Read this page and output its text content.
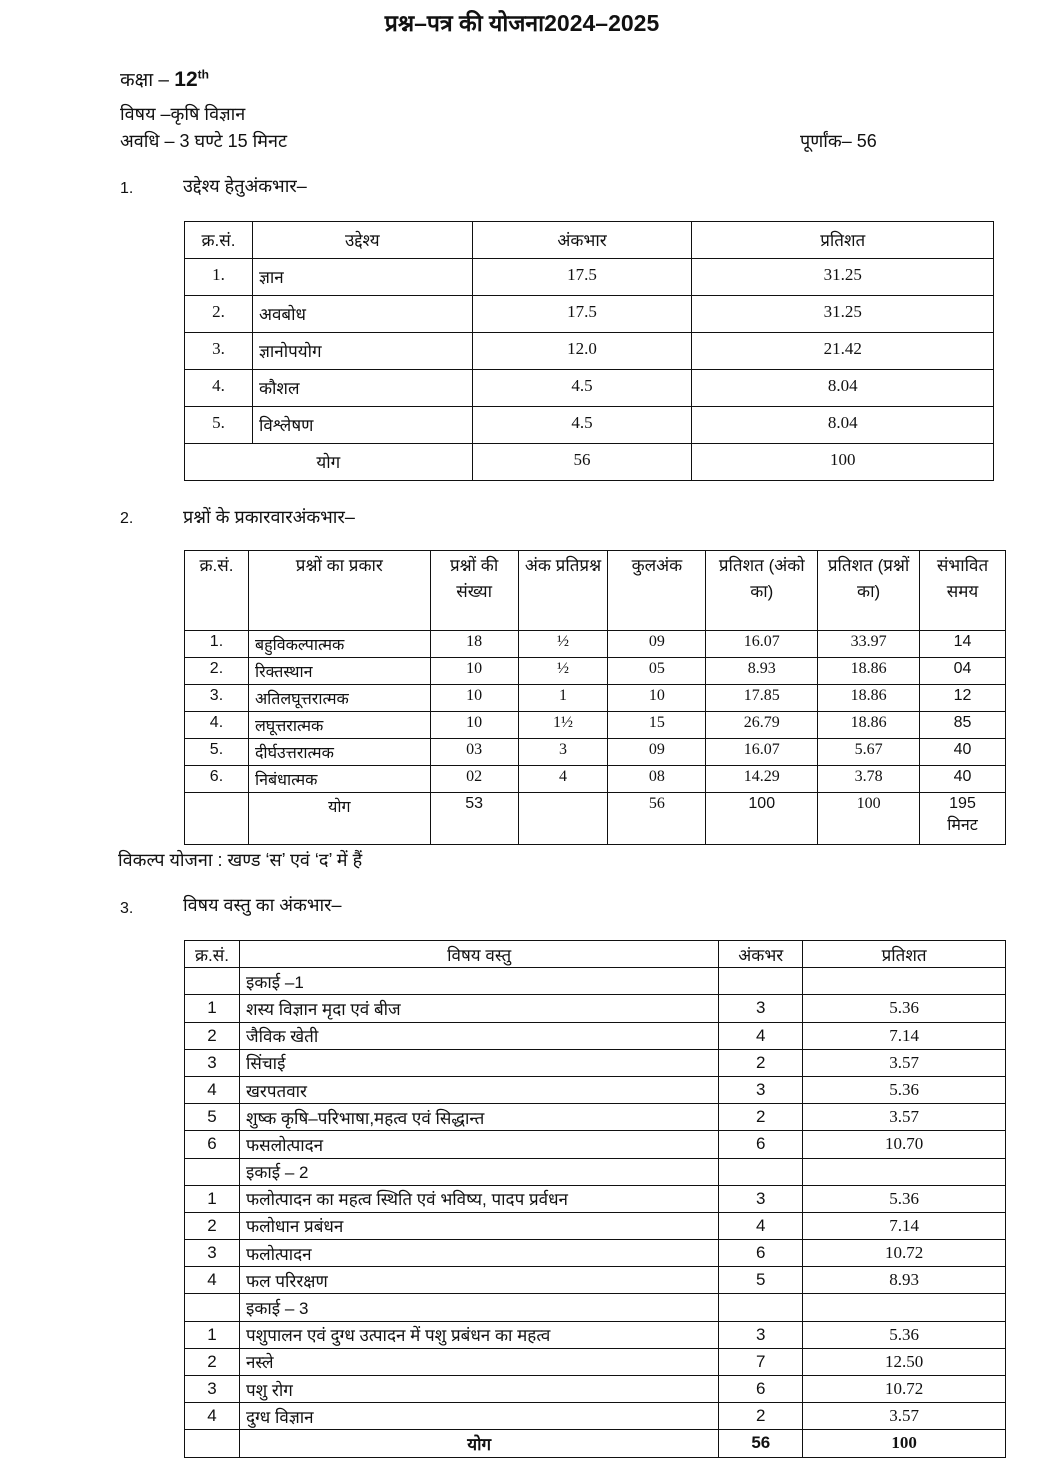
प्रश्न–पत्र की योजना2024–2025
कक्षा – 12th
विषय –कृषि विज्ञान
अवधि – 3 घण्टे 15 मिनट	पूर्णांक– 56
1.	उद्देश्य हेतुअंकभार–
क्र.सं.	उद्देश्य	अंकभार	प्रतिशत
1.	ज्ञान	17.5	31.25
2.	अवबोध	17.5	31.25
3.	ज्ञानोपयोग	12.0	21.42
4.	कौशल	4.5	8.04
5.	विश्लेषण	4.5	8.04
योग		56	100
2.	प्रश्नों के प्रकारवारअंकभार–
क्र.सं.	प्रश्नों का प्रकार	प्रश्नों की संख्या	अंक प्रतिप्रश्न	कुलअंक	प्रतिशत (अंको का)	प्रतिशत (प्रश्नों का)	संभावित समय
1.	बहुविकल्पात्मक	18	½	09	16.07	33.97	14
2.	रिक्तस्थान	10	½	05	8.93	18.86	04
3.	अतिलघूत्तरात्मक	10	1	10	17.85	18.86	12
4.	लघूत्तरात्मक	10	1½	15	26.79	18.86	85
5.	दीर्घउत्तरात्मक	03	3	09	16.07	5.67	40
6.	निबंधात्मक	02	4	08	14.29	3.78	40
	योग	53		56	100	100	195
मिनट
विकल्प योजना : खण्ड ‘स’ एवं ‘द’ में हैं
3.	विषय वस्तु का अंकभार–
क्र.सं.	विषय वस्तु	अंकभर	प्रतिशत
	इकाई –1		
1	शस्य विज्ञान मृदा एवं बीज	3	5.36
2	जैविक खेती	4	7.14
3	सिंचाई	2	3.57
4	खरपतवार	3	5.36
5	शुष्क कृषि–परिभाषा,महत्व एवं सिद्धान्त	2	3.57
6	फसलोत्पादन	6	10.70
	इकाई – 2		
1	फलोत्पादन का महत्व स्थिति एवं भविष्य, पादप प्रर्वधन	3	5.36
2	फलोधान प्रबंधन	4	7.14
3	फलोत्पादन	6	10.72
4	फल परिरक्षण	5	8.93
	इकाई – 3		
1	पशुपालन एवं दुग्ध उत्पादन में पशु प्रबंधन का महत्व	3	5.36
2	नस्ले	7	12.50
3	पशु रोग	6	10.72
4	दुग्ध विज्ञान	2	3.57
	योग	56	100
